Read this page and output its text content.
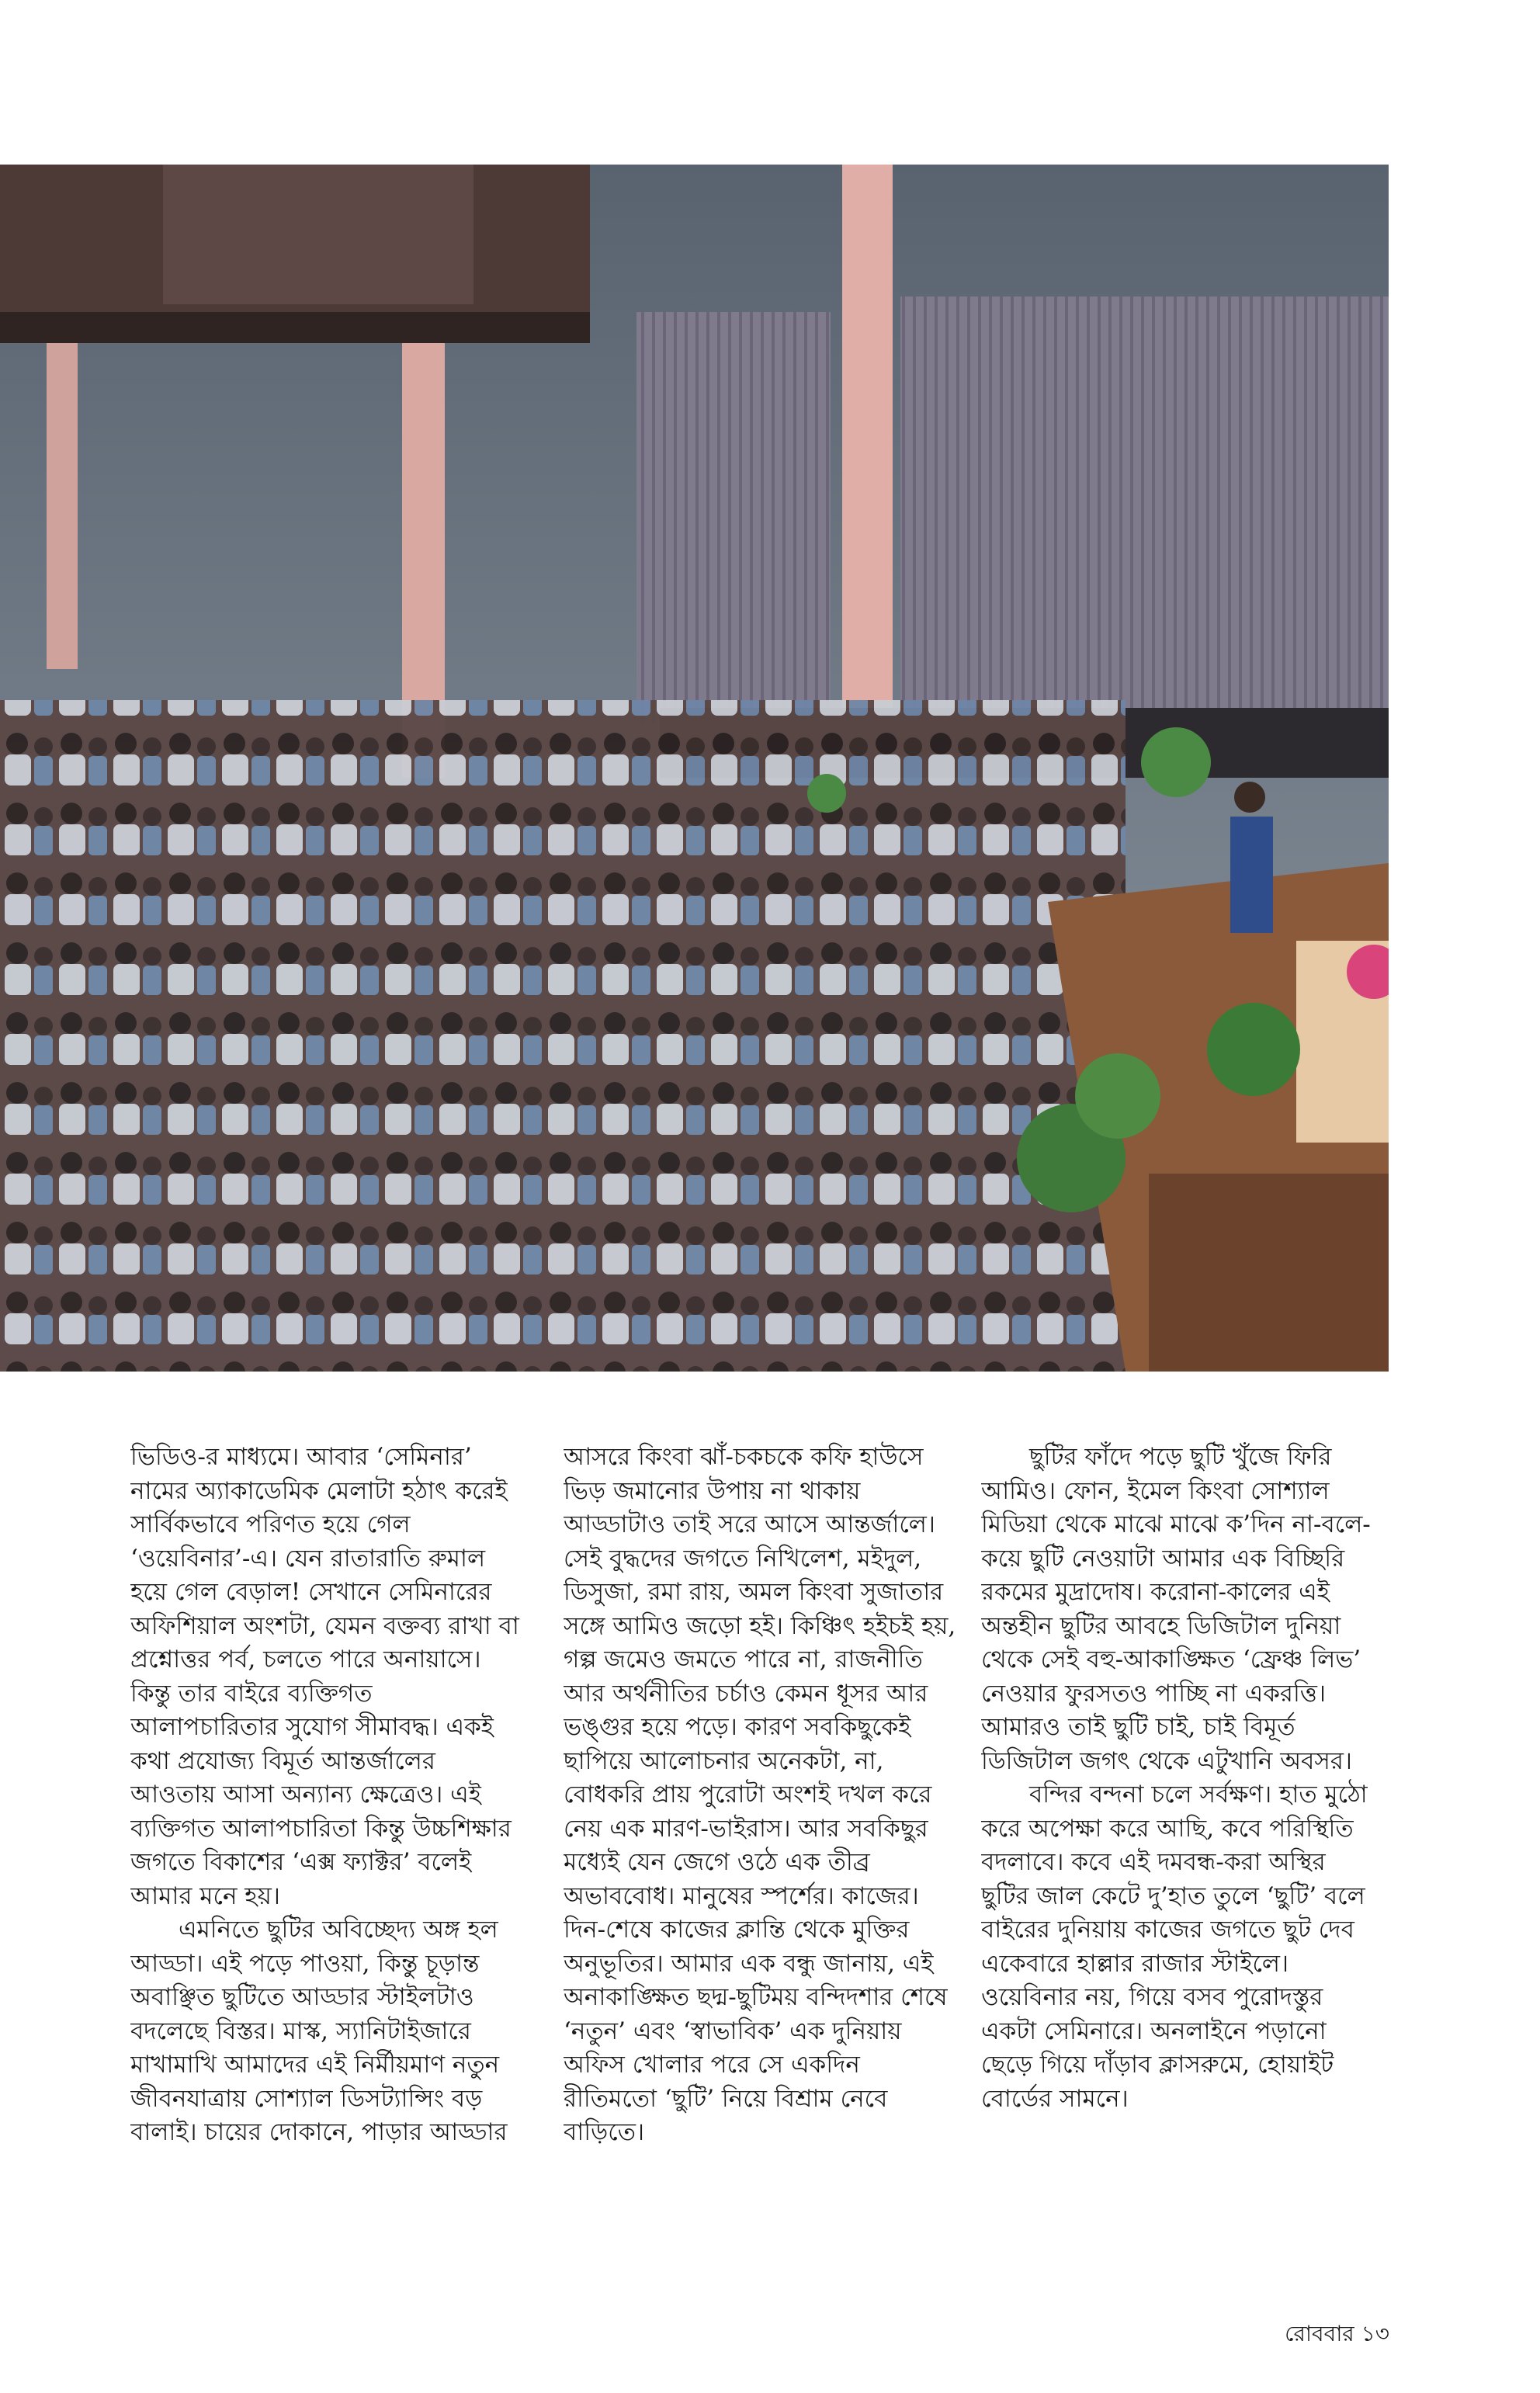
ভিডিও-র মাধ্যমে। আবার ‘সেমিনার’ নামের অ্যাকাডেমিক মেলাটা হঠাৎ করেই সার্বিকভাবে পরিণত হয়ে গেল ‘ওয়েবিনার’-এ। যেন রাতারাতি রুমাল হয়ে গেল বেড়াল! সেখানে সেমিনারের অফিশিয়াল অংশটা, যেমন বক্তব্য রাখা বা প্রশ্নোত্তর পর্ব, চলতে পারে অনায়াসে। কিন্তু তার বাইরে ব্যক্তিগত আলাপচারিতার সুযোগ সীমাবদ্ধ। একই কথা প্রযোজ্য বিমূর্ত আন্তর্জালের আওতায় আসা অন্যান্য ক্ষেত্রেও। এই ব্যক্তিগত আলাপচারিতা কিন্তু উচ্চশিক্ষার জগতে বিকাশের ‘এক্স ফ্যাক্টর’ বলেই আমার মনে হয়।

এমনিতে ছুটির অবিচ্ছেদ্য অঙ্গ হল আড্ডা। এই পড়ে পাওয়া, কিন্তু চূড়ান্ত অবাঞ্ছিত ছুটিতে আড্ডার স্টাইলটাও বদলেছে বিস্তর। মাস্ক, স্যানিটাইজারে মাখামাখি আমাদের এই নির্মীয়মাণ নতুন জীবনযাত্রায় সোশ্যাল ডিসট্যান্সিং বড় বালাই। চায়ের দোকানে, পাড়ার আড্ডার

আসরে কিংবা ঝাঁ-চকচকে কফি হাউসে ভিড় জমানোর উপায় না থাকায় আড্ডাটাও তাই সরে আসে আন্তর্জালে। সেই বুদ্ধদের জগতে নিখিলেশ, মইদুল, ডিসুজা, রমা রায়, অমল কিংবা সুজাতার সঙ্গে আমিও জড়ো হই। কিঞ্চিৎ হইচই হয়, গল্প জমেও জমতে পারে না, রাজনীতি আর অর্থনীতির চর্চাও কেমন ধূসর আর ভঙ্গুর হয়ে পড়ে। কারণ সবকিছুকেই ছাপিয়ে আলোচনার অনেকটা, না, বোধকরি প্রায় পুরোটা অংশই দখল করে নেয় এক মারণ-ভাইরাস। আর সবকিছুর মধ্যেই যেন জেগে ওঠে এক তীব্র অভাববোধ। মানুষের স্পর্শের। কাজের। দিন-শেষে কাজের ক্লান্তি থেকে মুক্তির অনুভূতির। আমার এক বন্ধু জানায়, এই অনাকাঙ্ক্ষিত ছদ্ম-ছুটিময় বন্দিদশার শেষে ‘নতুন’ এবং ‘স্বাভাবিক’ এক দুনিয়ায় অফিস খোলার পরে সে একদিন রীতিমতো ‘ছুটি’ নিয়ে বিশ্রাম নেবে বাড়িতে।

ছুটির ফাঁদে পড়ে ছুটি খুঁজে ফিরি আমিও। ফোন, ইমেল কিংবা সোশ্যাল মিডিয়া থেকে মাঝে মাঝে ক’দিন না-বলে-কয়ে ছুটি নেওয়াটা আমার এক বিচ্ছিরি রকমের মুদ্রাদোষ। করোনা-কালের এই অন্তহীন ছুটির আবহে ডিজিটাল দুনিয়া থেকে সেই বহু-আকাঙ্ক্ষিত ‘ফ্রেঞ্চ লিভ’ নেওয়ার ফুরসতও পাচ্ছি না একরত্তি। আমারও তাই ছুটি চাই, চাই বিমূর্ত ডিজিটাল জগৎ থেকে এটুখানি অবসর।

বন্দির বন্দনা চলে সর্বক্ষণ। হাত মুঠো করে অপেক্ষা করে আছি, কবে পরিস্থিতি বদলাবে। কবে এই দমবন্ধ-করা অস্থির ছুটির জাল কেটে দু’হাত তুলে ‘ছুটি’ বলে বাইরের দুনিয়ায় কাজের জগতে ছুট দেব একেবারে হাল্লার রাজার স্টাইলে। ওয়েবিনার নয়, গিয়ে বসব পুরোদস্তুর একটা সেমিনারে। অনলাইনে পড়ানো ছেড়ে গিয়ে দাঁড়াব ক্লাসরুমে, হোয়াইট বোর্ডের সামনে।

রোববার ১৩
